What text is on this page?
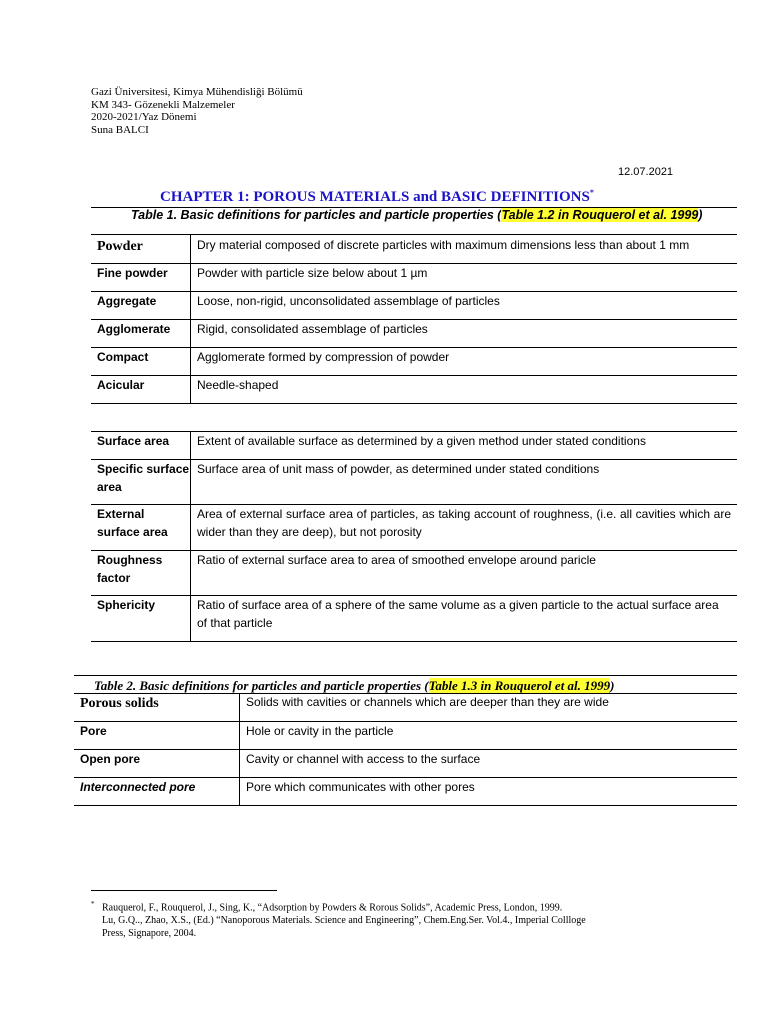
Gazi Üniversitesi, Kimya Mühendisliği Bölümü
KM 343- Gözenekli Malzemeler
2020-2021/Yaz Dönemi
Suna BALCI
12.07.2021
CHAPTER 1: POROUS MATERIALS and BASIC DEFINITIONS*
Table 1. Basic definitions for particles and particle properties (Table 1.2 in Rouquerol et al. 1999)
Powder	Dry material composed of discrete particles with maximum dimensions less than about 1 mm
Fine powder	Powder with particle size below about 1 µm
Aggregate	Loose, non-rigid, unconsolidated assemblage of particles
Agglomerate	Rigid, consolidated assemblage of particles
Compact	Agglomerate formed by compression of powder
Acicular	Needle-shaped
Surface area	Extent of available surface as determined by a given method under stated conditions
Specific surface area	Surface area of unit mass of powder, as determined under stated conditions
External surface area	Area of external surface area of particles, as taking account of roughness, (i.e. all cavities which are wider than they are deep), but not porosity
Roughness factor	Ratio of external surface area to area of smoothed envelope around paricle
Sphericity	Ratio of surface area of a sphere of the same volume as a given particle to the actual surface area of that particle
Table 2. Basic definitions for particles and particle properties (Table 1.3 in Rouquerol et al. 1999)
Porous solids	Solids with cavities or channels which are deeper than they are wide
Pore	Hole or cavity in the particle
Open pore	Cavity or channel with access to the surface
Interconnected pore	Pore which communicates with other pores
* Rauquerol, F., Rouquerol, J., Sing, K., “Adsorption by Powders & Rorous Solids”, Academic Press, London, 1999.
Lu, G.Q.., Zhao, X.S., (Ed.) “Nanoporous Materials. Science and Engineering”, Chem.Eng.Ser. Vol.4., Imperial Collloge
Press, Signapore, 2004.
